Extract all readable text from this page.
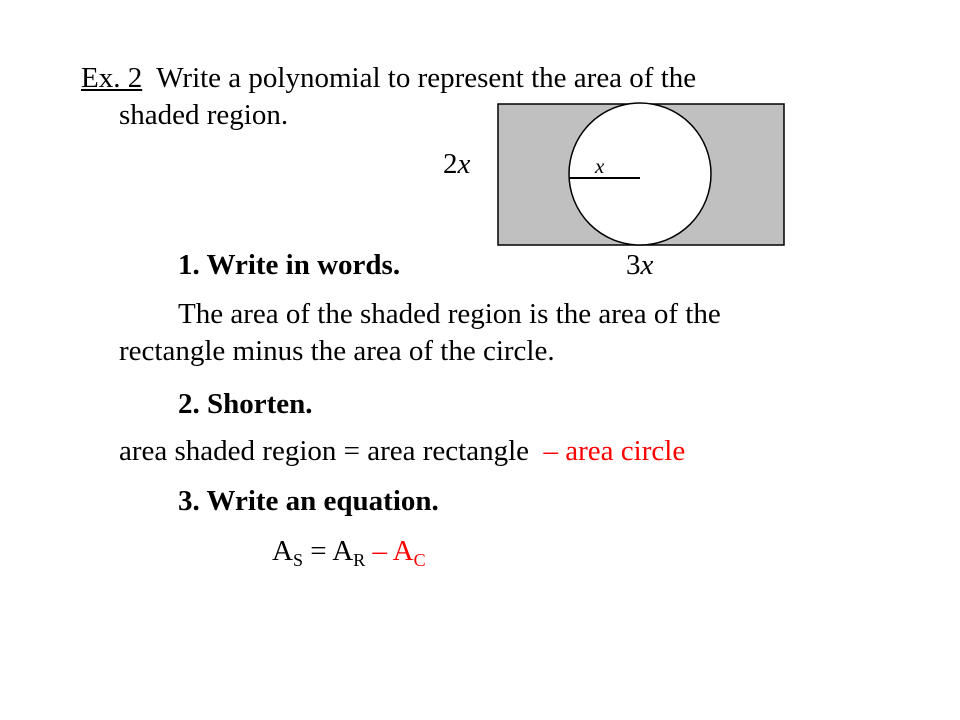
Ex. 2 Write a polynomial to represent the area of the
shaded region.
2x	x
1. Write in words.	3x
The area of the shaded region is the area of the
rectangle minus the area of the circle.
2. Shorten.
area shaded region = area rectangle – area circle
3. Write an equation.
$A_S = A_R - A_C$
